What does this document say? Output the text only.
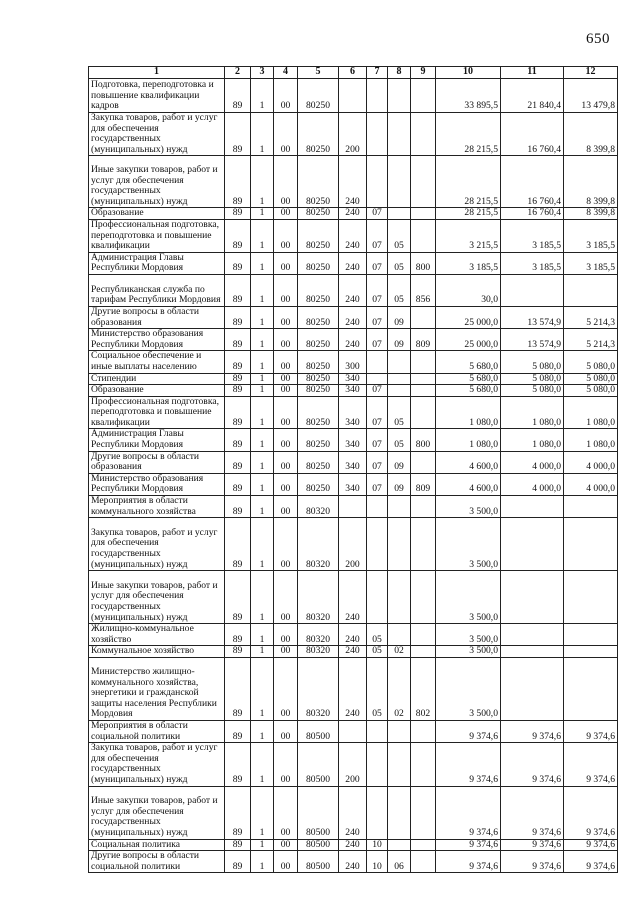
650
1	2	3	4	5	6	7	8	9	10	11	12
Подготовка, переподготовка и повышение квалификации кадров	89	1	00	80250					33 895,5	21 840,4	13 479,8
Закупка товаров, работ и услуг для обеспечения государственных (муниципальных) нужд	89	1	00	80250	200				28 215,5	16 760,4	8 399,8
Иные закупки товаров, работ и услуг для обеспечения государственных (муниципальных) нужд	89	1	00	80250	240				28 215,5	16 760,4	8 399,8
Образование	89	1	00	80250	240	07			28 215,5	16 760,4	8 399,8
Профессиональная подготовка, переподготовка и повышение квалификации	89	1	00	80250	240	07	05		3 215,5	3 185,5	3 185,5
Администрация Главы Республики Мордовия	89	1	00	80250	240	07	05	800	3 185,5	3 185,5	3 185,5
Республиканская служба по тарифам Республики Мордовия	89	1	00	80250	240	07	05	856	30,0		
Другие вопросы в области образования	89	1	00	80250	240	07	09		25 000,0	13 574,9	5 214,3
Министерство образования Республики Мордовия	89	1	00	80250	240	07	09	809	25 000,0	13 574,9	5 214,3
Социальное обеспечение и иные выплаты населению	89	1	00	80250	300				5 680,0	5 080,0	5 080,0
Стипендии	89	1	00	80250	340				5 680,0	5 080,0	5 080,0
Образование	89	1	00	80250	340	07			5 680,0	5 080,0	5 080,0
Профессиональная подготовка, переподготовка и повышение квалификации	89	1	00	80250	340	07	05		1 080,0	1 080,0	1 080,0
Администрация Главы Республики Мордовия	89	1	00	80250	340	07	05	800	1 080,0	1 080,0	1 080,0
Другие вопросы в области образования	89	1	00	80250	340	07	09		4 600,0	4 000,0	4 000,0
Министерство образования Республики Мордовия	89	1	00	80250	340	07	09	809	4 600,0	4 000,0	4 000,0
Мероприятия в области коммунального хозяйства	89	1	00	80320					3 500,0		
Закупка товаров, работ и услуг для обеспечения государственных (муниципальных) нужд	89	1	00	80320	200				3 500,0		
Иные закупки товаров, работ и услуг для обеспечения государственных (муниципальных) нужд	89	1	00	80320	240				3 500,0		
Жилищно-коммунальное хозяйство	89	1	00	80320	240	05			3 500,0		
Коммунальное хозяйство	89	1	00	80320	240	05	02		3 500,0		
Министерство жилищно-коммунального хозяйства, энергетики и гражданской защиты населения Республики Мордовия	89	1	00	80320	240	05	02	802	3 500,0		
Мероприятия в области социальной политики	89	1	00	80500					9 374,6	9 374,6	9 374,6
Закупка товаров, работ и услуг для обеспечения государственных (муниципальных) нужд	89	1	00	80500	200				9 374,6	9 374,6	9 374,6
Иные закупки товаров, работ и услуг для обеспечения государственных (муниципальных) нужд	89	1	00	80500	240				9 374,6	9 374,6	9 374,6
Социальная политика	89	1	00	80500	240	10			9 374,6	9 374,6	9 374,6
Другие вопросы в области социальной политики	89	1	00	80500	240	10	06		9 374,6	9 374,6	9 374,6
